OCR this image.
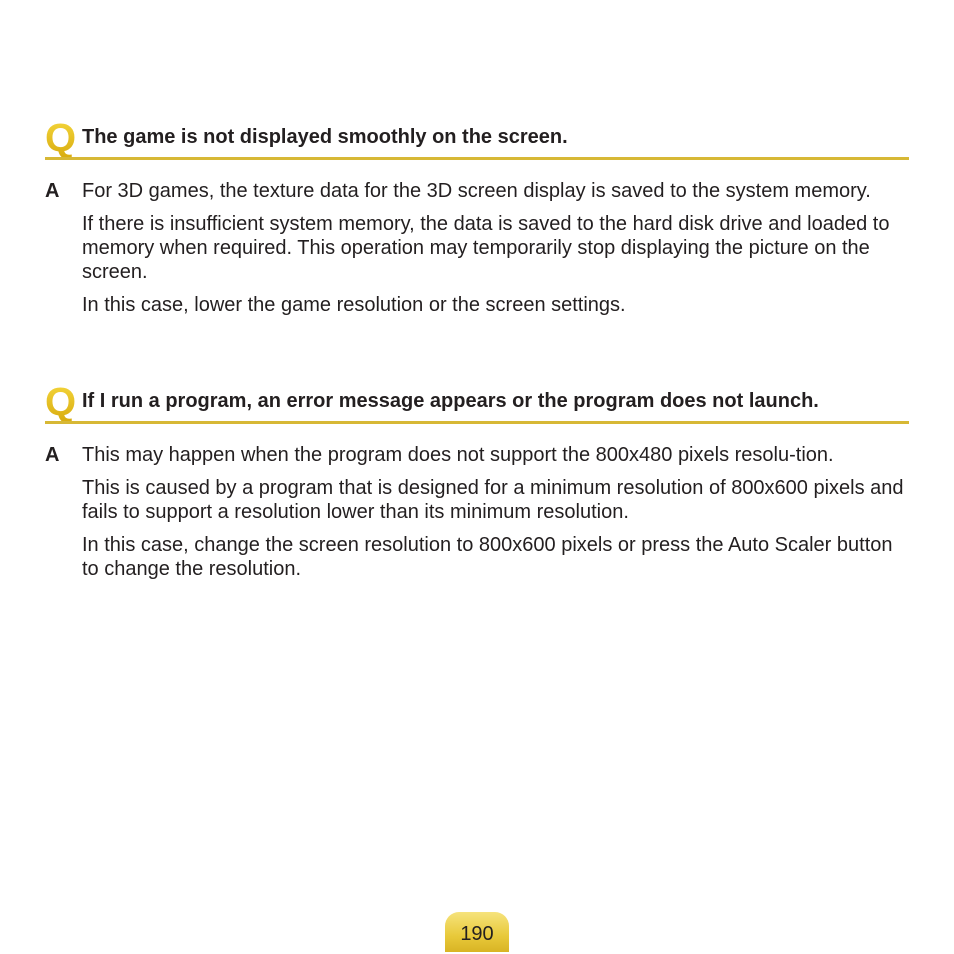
Q The game is not displayed smoothly on the screen.
A For 3D games, the texture data for the 3D screen display is saved to the system memory.

If there is insufficient system memory, the data is saved to the hard disk drive and loaded to memory when required. This operation may temporarily stop displaying the picture on the screen.

In this case, lower the game resolution or the screen settings.

Q If I run a program, an error message appears or the program does not launch.
A This may happen when the program does not support the 800x480 pixels resolu-tion.

This is caused by a program that is designed for a minimum resolution of 800x600 pixels and fails to support a resolution lower than its minimum resolution.

In this case, change the screen resolution to 800x600 pixels or press the Auto Scaler button to change the resolution.

190
